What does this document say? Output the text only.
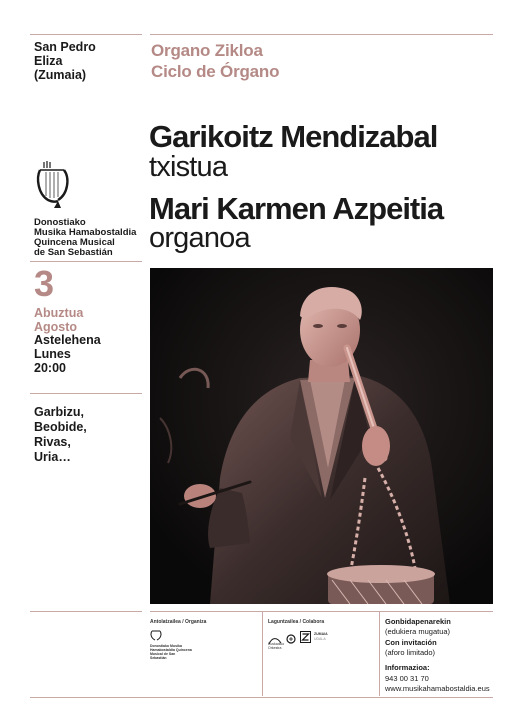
San Pedro
Eliza
(Zumaia)
Organo Zikloa
Ciclo de Órgano
Garikoitz Mendizabal
txistua
Mari Karmen Azpeitia
organoa
Donostiako
Musika Hamabostaldia
Quincena Musical
de San Sebastián
3
Abuztua
Agosto
Astelehena
Lunes
20:00
Garbizu,
Beobide,
Rivas,
Uria…
Antolatzailea / Organiza
Donostiako Musika Hamabostaldia Quincena Musical de San Sebastián
Laguntzailea / Colabora
Euskadiko Orkestra
ZUMAIA
UDALA
Gonbidapenarekin
(edukiera mugatua)
Con invitación
(aforo limitado)
Informazioa:
943 00 31 70
www.musikahamabostaldia.eus
